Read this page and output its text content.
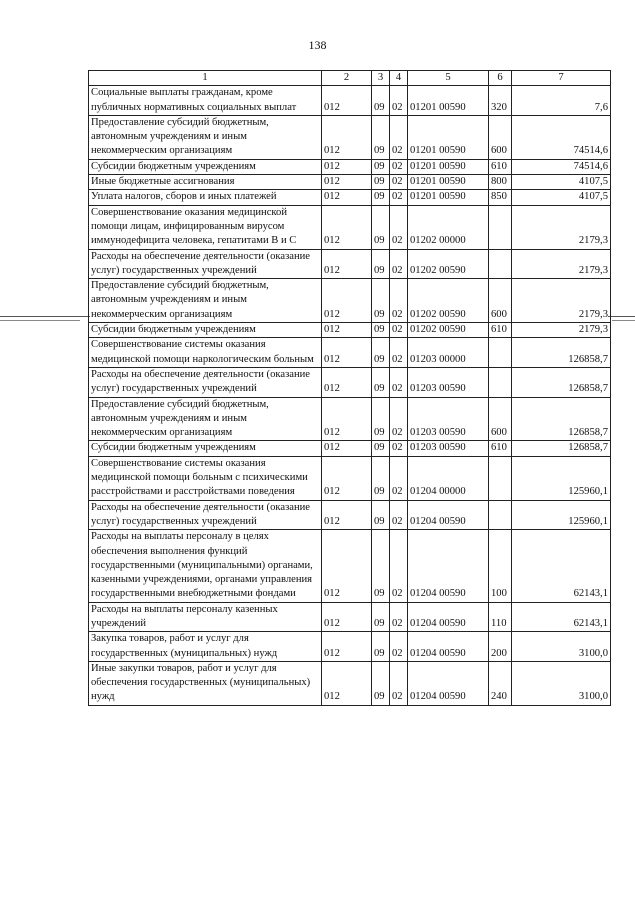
138
1	2	3	4	5	6	7
Социальные выплаты гражданам, кроме публичных нормативных социальных выплат	012	09	02	01201 00590	320	7,6
Предоставление субсидий бюджетным, автономным учреждениям и иным некоммерческим организациям	012	09	02	01201 00590	600	74514,6
Субсидии бюджетным учреждениям	012	09	02	01201 00590	610	74514,6
Иные бюджетные ассигнования	012	09	02	01201 00590	800	4107,5
Уплата налогов, сборов и иных платежей	012	09	02	01201 00590	850	4107,5
Совершенствование оказания медицинской помощи лицам, инфицированным вирусом иммунодефицита человека, гепатитами В и С	012	09	02	01202 00000		2179,3
Расходы на обеспечение деятельности (оказание услуг) государственных учреждений	012	09	02	01202 00590		2179,3
Предоставление субсидий бюджетным, автономным учреждениям и иным некоммерческим организациям	012	09	02	01202 00590	600	2179,3
Субсидии бюджетным учреждениям	012	09	02	01202 00590	610	2179,3
Совершенствование системы оказания медицинской помощи наркологическим больным	012	09	02	01203 00000		126858,7
Расходы на обеспечение деятельности (оказание услуг) государственных учреждений	012	09	02	01203 00590		126858,7
Предоставление субсидий бюджетным, автономным учреждениям и иным некоммерческим организациям	012	09	02	01203 00590	600	126858,7
Субсидии бюджетным учреждениям	012	09	02	01203 00590	610	126858,7
Совершенствование системы оказания медицинской помощи больным с психическими расстройствами и расстройствами поведения	012	09	02	01204 00000		125960,1
Расходы на обеспечение деятельности (оказание услуг) государственных учреждений	012	09	02	01204 00590		125960,1
Расходы на выплаты персоналу в целях обеспечения выполнения функций государственными (муниципальными) органами, казенными учреждениями, органами управления государственными внебюджетными фондами	012	09	02	01204 00590	100	62143,1
Расходы на выплаты персоналу казенных учреждений	012	09	02	01204 00590	110	62143,1
Закупка товаров, работ и услуг для государственных (муниципальных) нужд	012	09	02	01204 00590	200	3100,0
Иные закупки товаров, работ и услуг для обеспечения государственных (муниципальных) нужд	012	09	02	01204 00590	240	3100,0
